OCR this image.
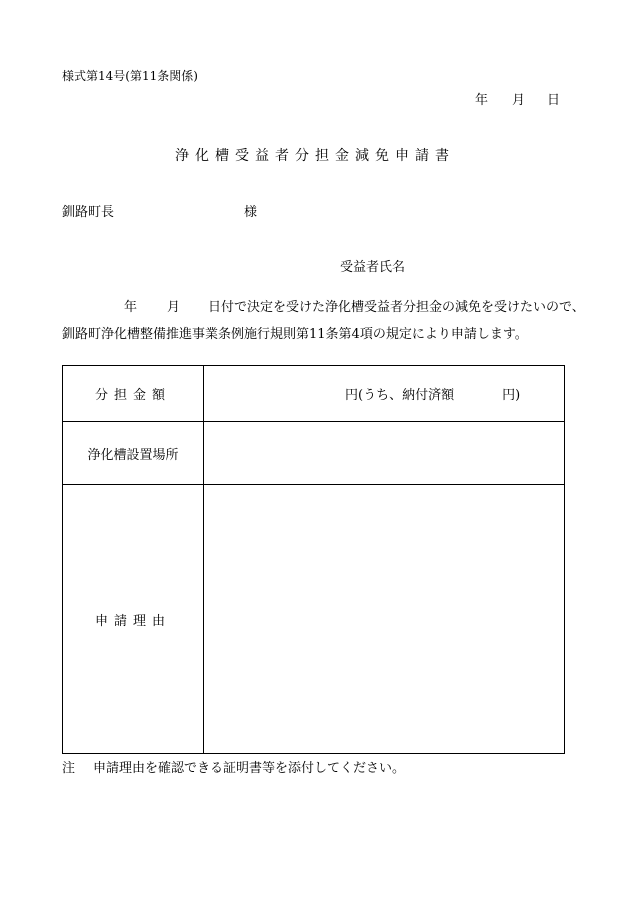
様式第14号(第11条関係)
年 月 日
浄化槽受益者分担金減免申請書
釧路町長	様
受益者氏名
年 月 日付で決定を受けた浄化槽受益者分担金の減免を受けたいので、
釧路町浄化槽整備推進事業条例施行規則第11条第4項の規定により申請します。
分担金額	円(うち、納付済額 円)
浄化槽設置場所	
申請理由	
注 申請理由を確認できる証明書等を添付してください。
